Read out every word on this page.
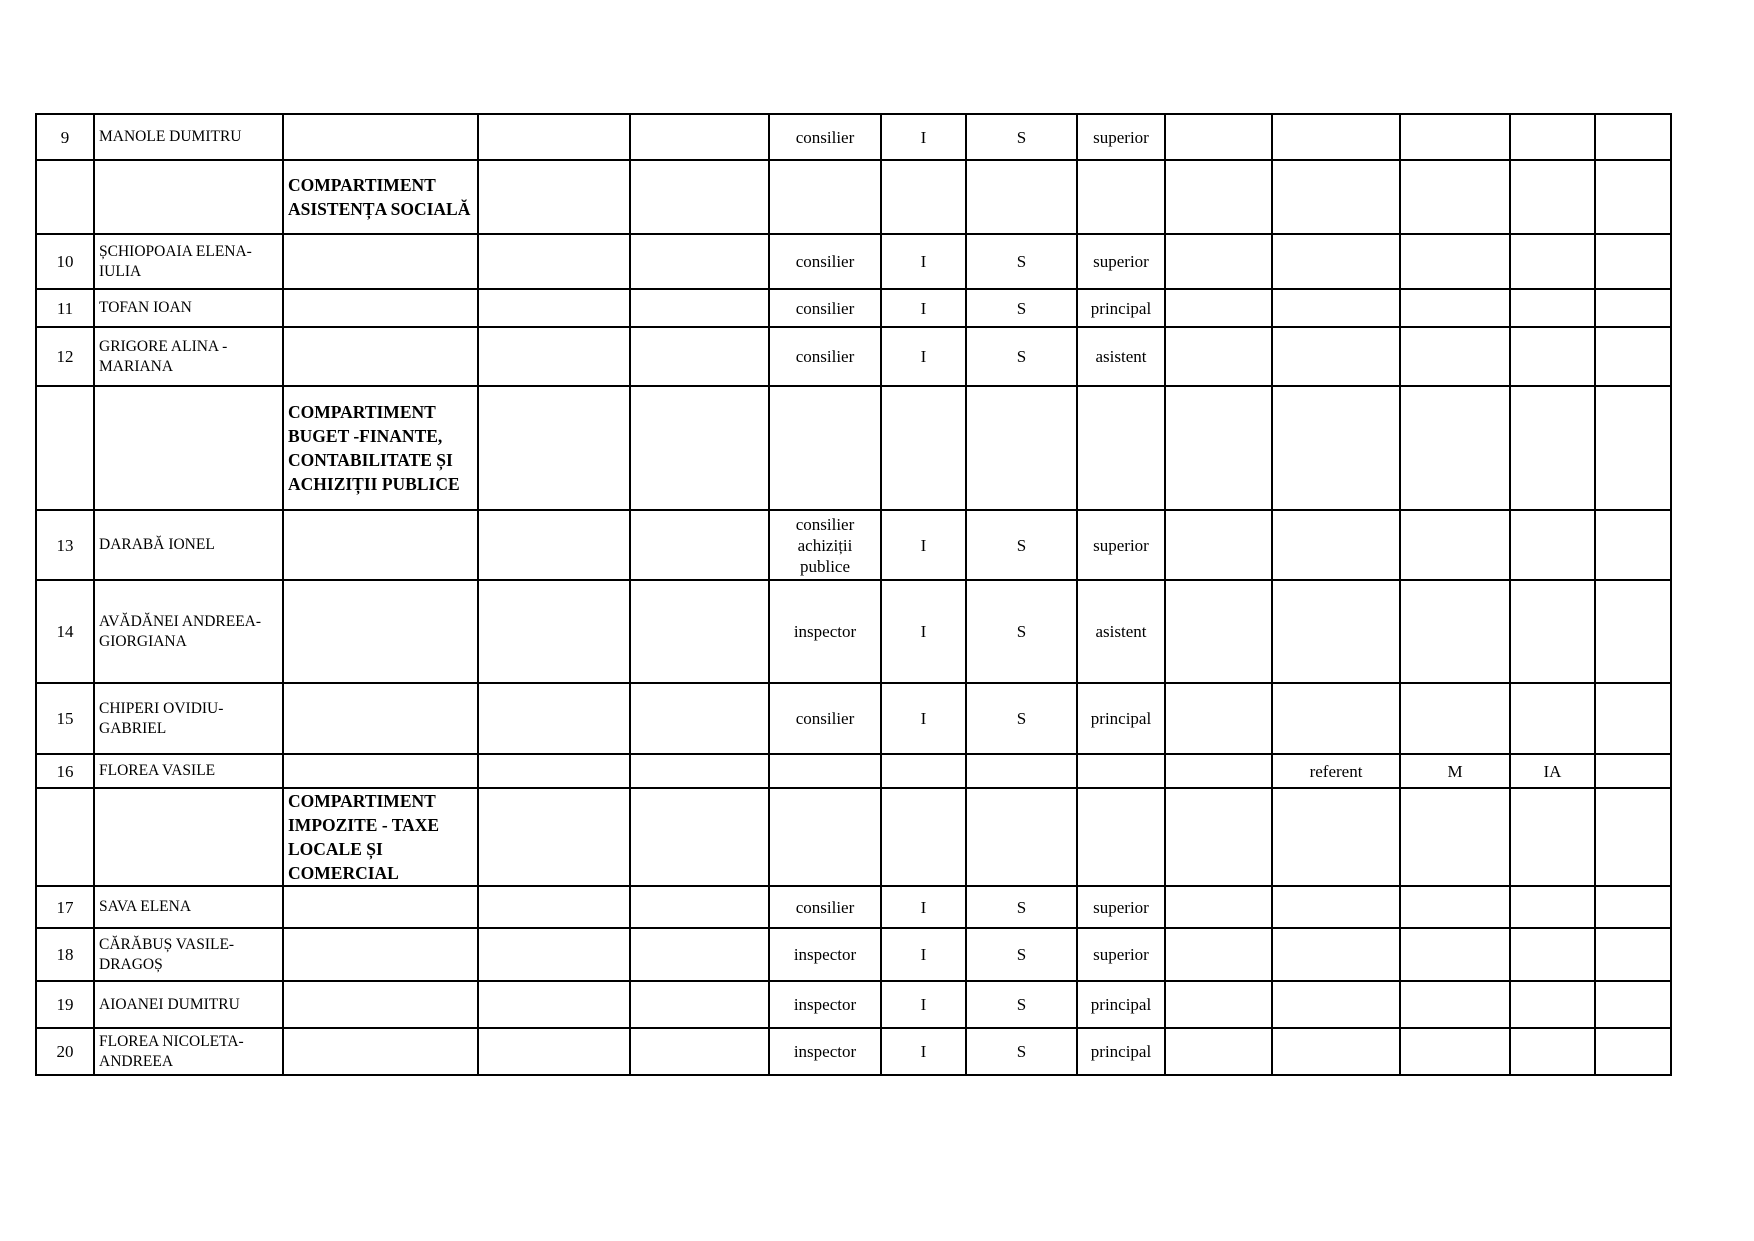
9	MANOLE DUMITRU				consilier	I	S	superior					
		COMPARTIMENT ASISTENȚA SOCIALĂ											
10	ȘCHIOPOAIA ELENA-IULIA				consilier	I	S	superior					
11	TOFAN IOAN				consilier	I	S	principal					
12	GRIGORE ALINA - MARIANA				consilier	I	S	asistent					
		COMPARTIMENT BUGET -FINANTE, CONTABILITATE ȘI ACHIZIȚII PUBLICE											
13	DARABĂ IONEL				consilier achiziții publice	I	S	superior					
14	AVĂDĂNEI ANDREEA-GIORGIANA				inspector	I	S	asistent					
15	CHIPERI OVIDIU-GABRIEL				consilier	I	S	principal					
16	FLOREA VASILE									referent	M	IA	
		COMPARTIMENT IMPOZITE - TAXE LOCALE ȘI COMERCIAL											
17	SAVA ELENA				consilier	I	S	superior					
18	CĂRĂBUȘ VASILE-DRAGOȘ				inspector	I	S	superior					
19	AIOANEI DUMITRU				inspector	I	S	principal					
20	FLOREA NICOLETA-ANDREEA				inspector	I	S	principal					
